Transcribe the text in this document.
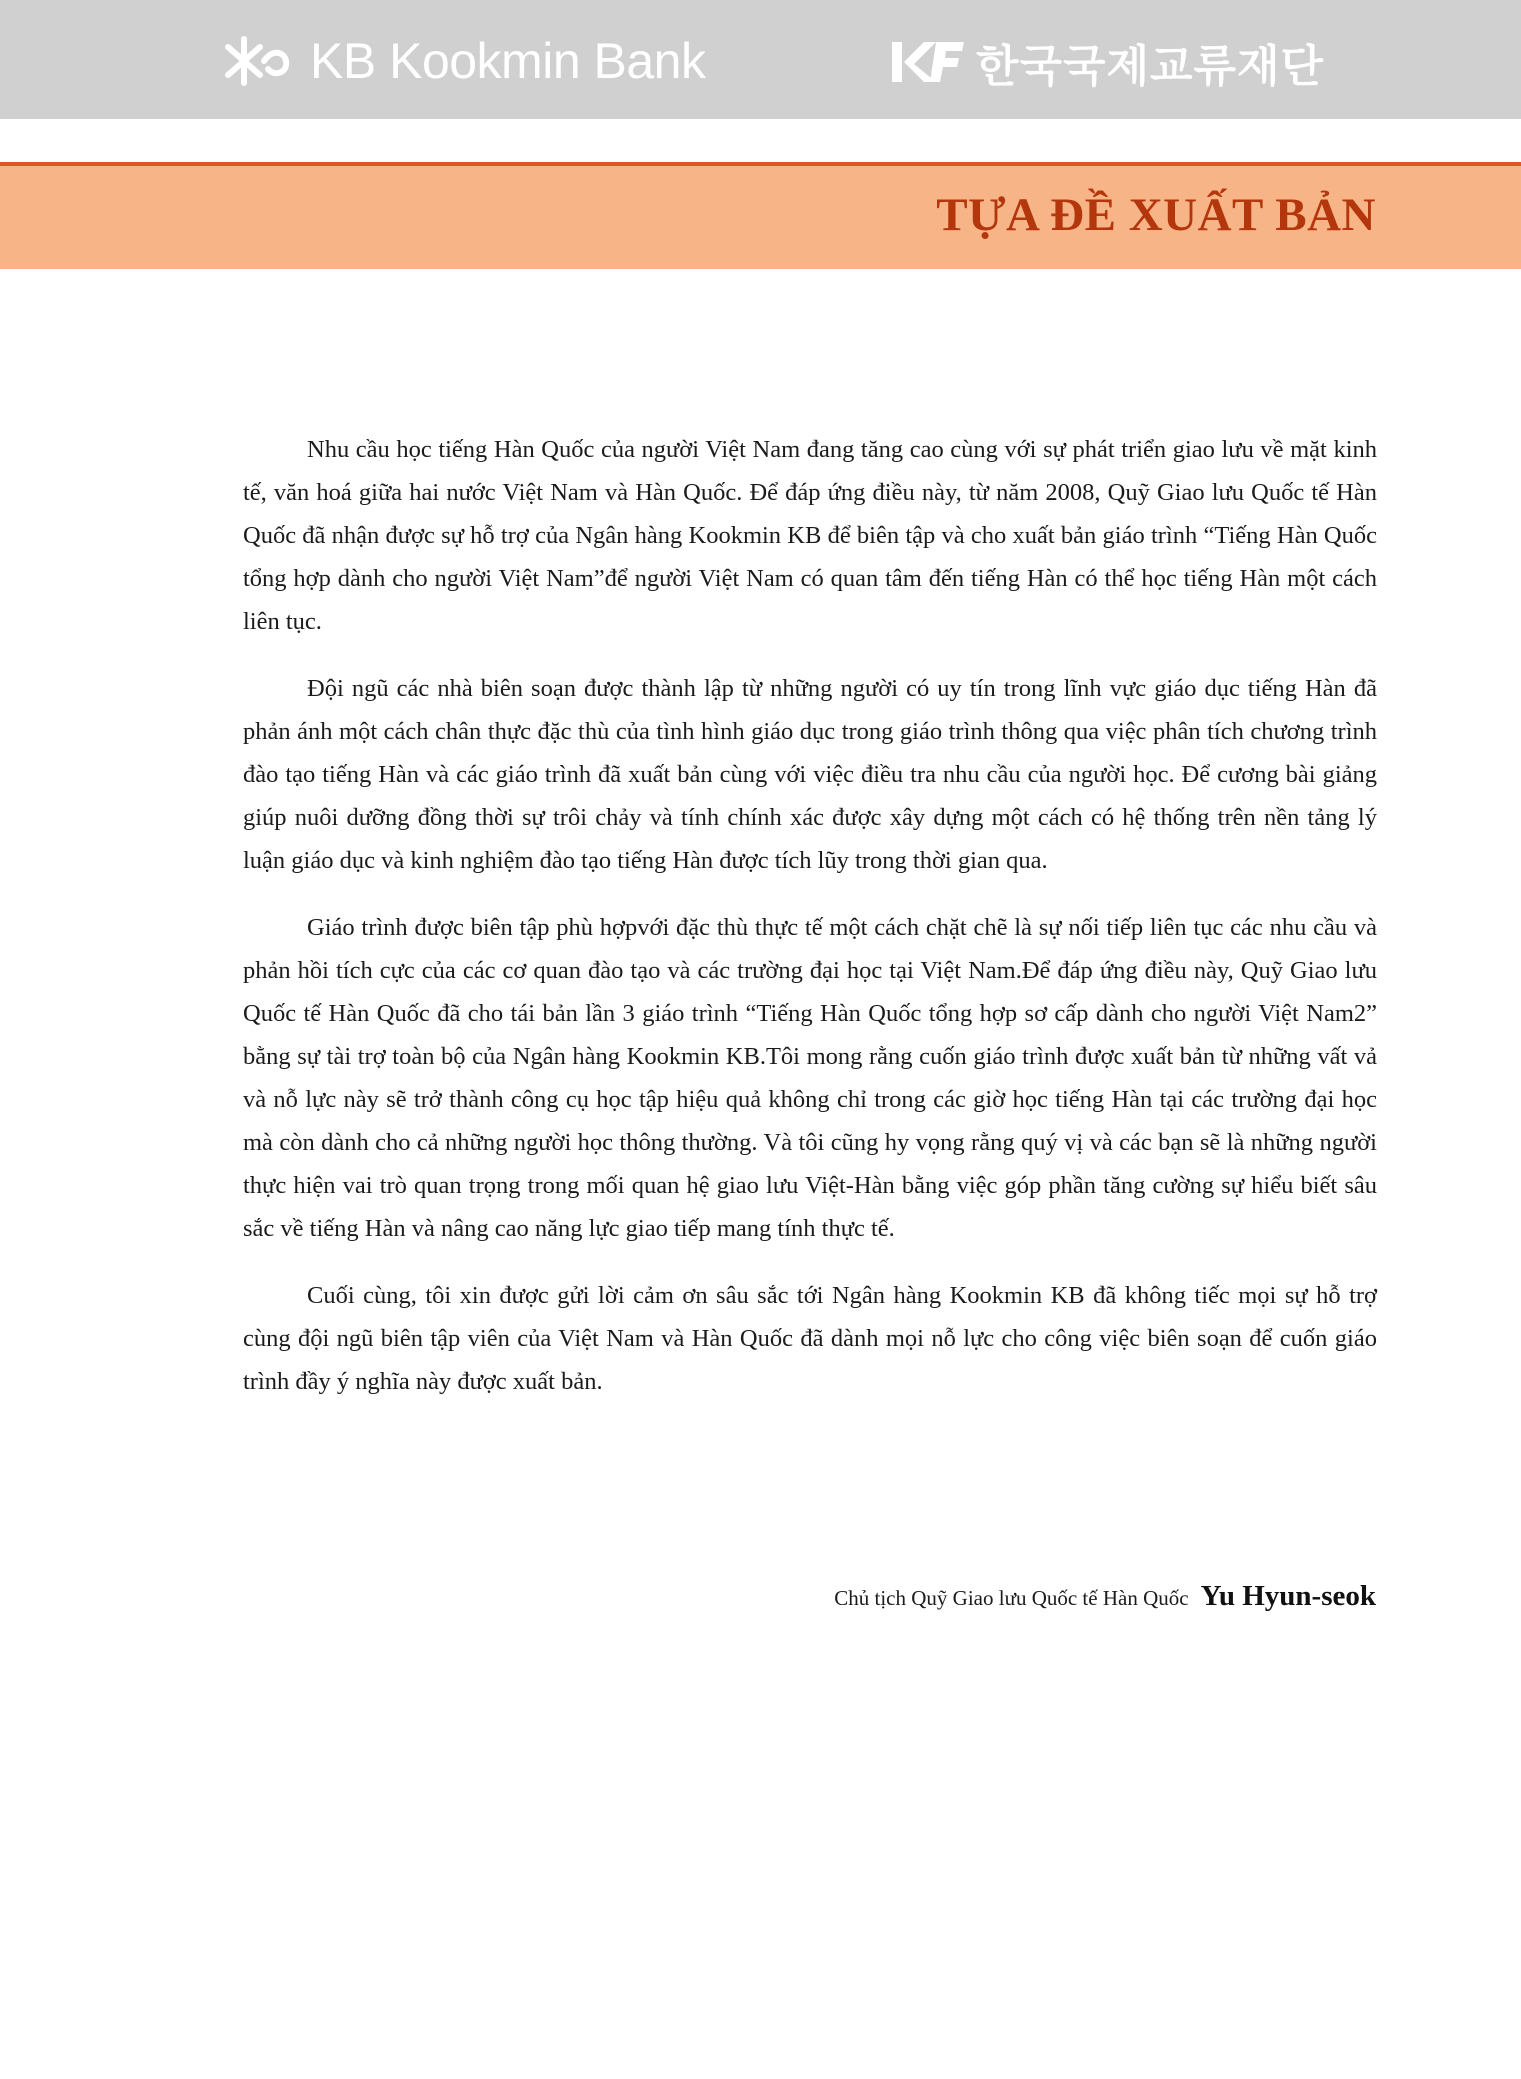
KB Kookmin Bank	한국국제교류재단
TỰA ĐỀ XUẤT BẢN

Nhu cầu học tiếng Hàn Quốc của người Việt Nam đang tăng cao cùng với sự phát triển giao lưu về mặt kinh tế, văn hoá giữa hai nước Việt Nam và Hàn Quốc. Để đáp ứng điều này, từ năm 2008, Quỹ Giao lưu Quốc tế Hàn Quốc đã nhận được sự hỗ trợ của Ngân hàng Kookmin KB để biên tập và cho xuất bản giáo trình “Tiếng Hàn Quốc tổng hợp dành cho người Việt Nam”để người Việt Nam có quan tâm đến tiếng Hàn có thể học tiếng Hàn một cách liên tục.

Đội ngũ các nhà biên soạn được thành lập từ những người có uy tín trong lĩnh vực giáo dục tiếng Hàn đã phản ánh một cách chân thực đặc thù của tình hình giáo dục trong giáo trình thông qua việc phân tích chương trình đào tạo tiếng Hàn và các giáo trình đã xuất bản cùng với việc điều tra nhu cầu của người học. Để cương bài giảng giúp nuôi dưỡng đồng thời sự trôi chảy và tính chính xác được xây dựng một cách có hệ thống trên nền tảng lý luận giáo dục và kinh nghiệm đào tạo tiếng Hàn được tích lũy trong thời gian qua.

Giáo trình được biên tập phù hợpvới đặc thù thực tế một cách chặt chẽ là sự nối tiếp liên tục các nhu cầu và phản hồi tích cực của các cơ quan đào tạo và các trường đại học tại Việt Nam.Để đáp ứng điều này, Quỹ Giao lưu Quốc tế Hàn Quốc đã cho tái bản lần 3 giáo trình “Tiếng Hàn Quốc tổng hợp sơ cấp dành cho người Việt Nam2” bằng sự tài trợ toàn bộ của Ngân hàng Kookmin KB.Tôi mong rằng cuốn giáo trình được xuất bản từ những vất vả và nỗ lực này sẽ trở thành công cụ học tập hiệu quả không chỉ trong các giờ học tiếng Hàn tại các trường đại học mà còn dành cho cả những người học thông thường. Và tôi cũng hy vọng rằng quý vị và các bạn sẽ là những người thực hiện vai trò quan trọng trong mối quan hệ giao lưu Việt-Hàn bằng việc góp phần tăng cường sự hiểu biết sâu sắc về tiếng Hàn và nâng cao năng lực giao tiếp mang tính thực tế.

Cuối cùng, tôi xin được gửi lời cảm ơn sâu sắc tới Ngân hàng Kookmin KB đã không tiếc mọi sự hỗ trợ cùng đội ngũ biên tập viên của Việt Nam và Hàn Quốc đã dành mọi nỗ lực cho công việc biên soạn để cuốn giáo trình đầy ý nghĩa này được xuất bản.

Chủ tịch Quỹ Giao lưu Quốc tế Hàn Quốc Yu Hyun-seok
